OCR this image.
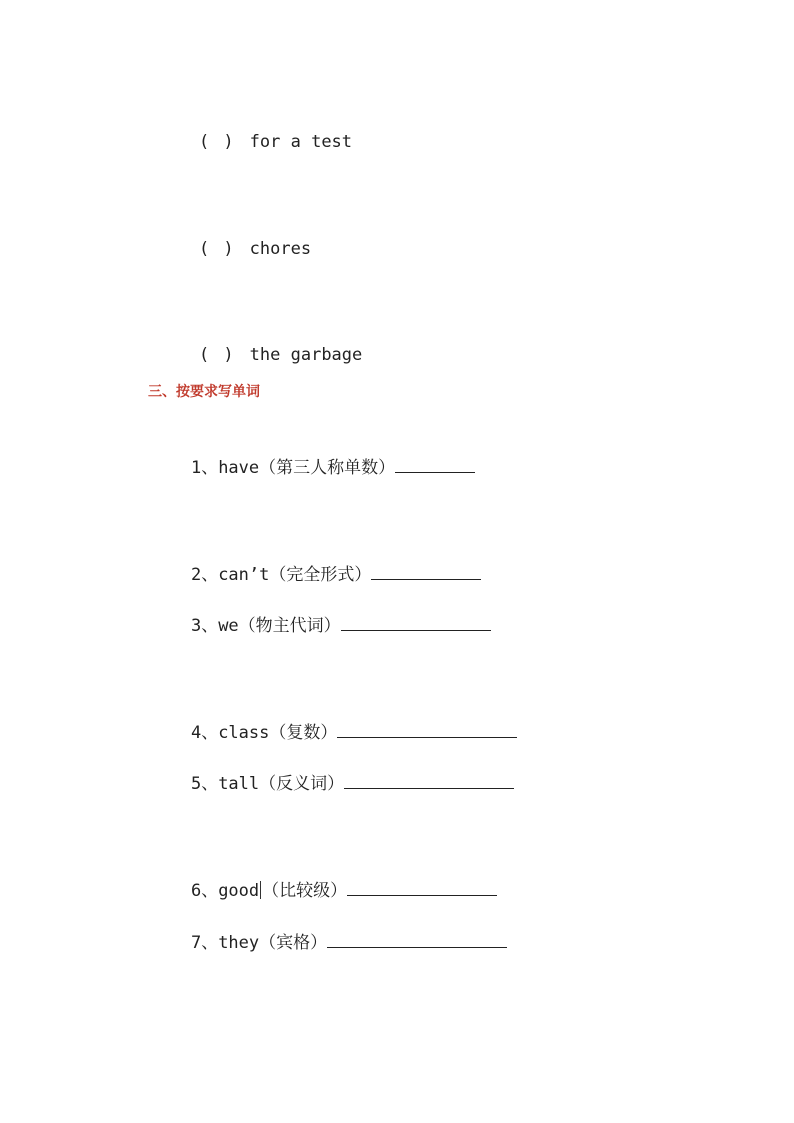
( ) for a test

( ) chores

( ) the garbage

三、按要求写单词

1、have（第三人称单数）

2、can’t（完全形式）

3、we（物主代词）

4、class（复数）

5、tall（反义词）

6、good （比较级）

7、they（宾格）
